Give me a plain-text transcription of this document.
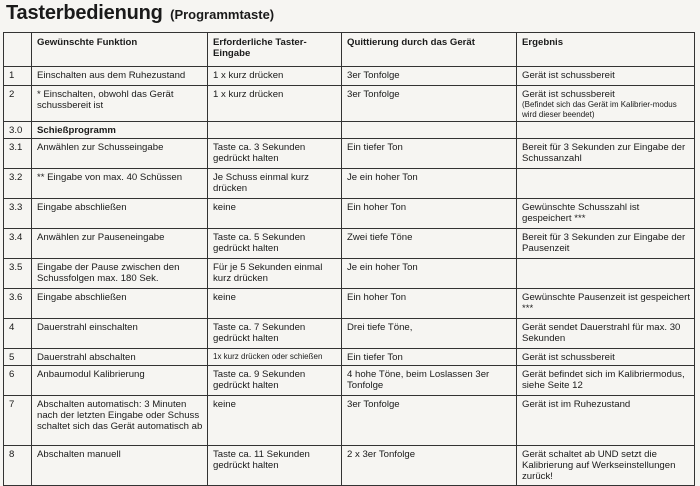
Tasterbedienung (Programmtaste)
	Gewünschte Funktion	Erforderliche Taster-Eingabe	Quittierung durch das Gerät	Ergebnis
1	Einschalten aus dem Ruhezustand	1 x kurz drücken	3er Tonfolge	Gerät ist schussbereit
2	* Einschalten, obwohl das Gerät schussbereit ist	1 x kurz drücken	3er Tonfolge	Gerät ist schussbereit
(Befindet sich das Gerät im Kalibrier-modus wird dieser beendet)

3.0	Schießprogramm			
3.1	Anwählen zur Schusseingabe	Taste ca. 3 Sekunden gedrückt halten	Ein tiefer Ton	Bereit für 3 Sekunden zur Eingabe der Schussanzahl
3.2	** Eingabe von max. 40 Schüssen	Je Schuss einmal kurz drücken	Je ein hoher Ton	
3.3	Eingabe abschließen	keine	Ein hoher Ton	Gewünschte Schusszahl ist gespeichert ***
3.4	Anwählen zur Pauseneingabe	Taste ca. 5 Sekunden gedrückt halten	Zwei tiefe Töne	Bereit für 3 Sekunden zur Eingabe der Pausenzeit
3.5	Eingabe der Pause zwischen den Schussfolgen max. 180 Sek.	Für je 5 Sekunden einmal kurz drücken	Je ein hoher Ton	
3.6	Eingabe abschließen	keine	Ein hoher Ton	Gewünschte Pausenzeit ist gespeichert ***
4	Dauerstrahl einschalten	Taste ca. 7 Sekunden gedrückt halten	Drei tiefe Töne,	Gerät sendet Dauerstrahl für max. 30 Sekunden
5	Dauerstrahl abschalten	1x kurz drücken oder schießen	Ein tiefer Ton	Gerät ist schussbereit
6	Anbaumodul Kalibrierung	Taste ca. 9 Sekunden gedrückt halten	4 hohe Töne, beim Loslassen 3er Tonfolge	Gerät befindet sich im Kalibriermodus, siehe Seite 12
7	Abschalten automatisch: 3 Minuten nach der letzten Eingabe oder Schuss schaltet sich das Gerät automatisch ab	keine	3er Tonfolge	Gerät ist im Ruhezustand
8	Abschalten manuell	Taste ca. 11 Sekunden gedrückt halten	2 x 3er Tonfolge	Gerät schaltet ab UND setzt die Kalibrierung auf Werkseinstellungen zurück!
